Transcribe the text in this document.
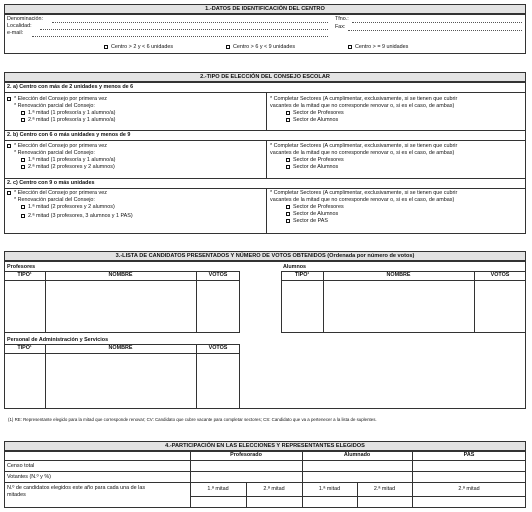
1.-DATOS DE IDENTIFICACIÓN DEL CENTRO
Denominación:
Localidad:
e-mail:
Tfno.:
Fax:
Centro > 2 y < 6 unidades	Centro > 6 y < 9 unidades	Centro > = 9 unidades
2.-TIPO DE ELECCIÓN DEL CONSEJO ESCOLAR
2. a) Centro con más de 2 unidades y menos de 6
* Elección del Consejo por primera vez
* Renovación parcial del Consejo:
1.ª mitad (1 profesor/a y 1 alumno/a)
2.ª mitad (1 profesor/a y 1 alumno/a)
* Completar Sectores (A cumplimentar, exclusivamente, si se tienen que cubrir
vacantes de la mitad que no corresponde renovar o, si es el caso, de ambas)
Sector de Profesores
Sector de Alumnos
2. b) Centro con 6 o más unidades y menos de 9
* Elección del Consejo por primera vez
* Renovación parcial del Consejo:
1.ª mitad (1 profesor/a y 1 alumno/a)
2.ª mitad (2 profesores y 2 alumnos)
* Completar Sectores (A cumplimentar, exclusivamente, si se tienen que cubrir
vacantes de la mitad que no corresponde renovar o, si es el caso, de ambas)
Sector de Profesores
Sector de Alumnos
2. c) Centro con 9 o más unidades
* Elección del Consejo por primera vez
* Renovación parcial del Consejo:
1.ª mitad (2 profesores y 2 alumnos)
2.ª mitad (3 profesores, 3 alumnos y 1 PAS)
* Completar Sectores (A cumplimentar, exclusivamente, si se tienen que cubrir
vacantes de la mitad que no corresponde renovar o, si es el caso, de ambas)
Sector de Profesores
Sector de Alumnos
Sector de PAS
3.-LISTA DE CANDIDATOS PRESENTADOS Y NÚMERO DE VOTOS OBTENIDOS (Ordenada por número de votos)
Profesores
TIPO¹	NOMBRE	VOTOS
Alumnos
TIPO¹	NOMBRE	VOTOS
Personal de Administración y Servicios
TIPO¹	NOMBRE	VOTOS
(1) RE: Representante elegido para la mitad que corresponde renovar; CV: Candidato que cubre vacante para completar sectores; CS: Candidato que va a pertenecer a la lista de suplentes.
4.-PARTICIPACIÓN EN LAS ELECCIONES Y REPRESENTANTES ELEGIDOS
Profesorado	Alumnado	PAS
Censo total
Votantes (N.º y %)
N.º de candidatos elegidos este año para cada una de las
mitades
1.ª mitad	2.ª mitad	1.ª mitad	2.ª mitad	2.ª mitad
